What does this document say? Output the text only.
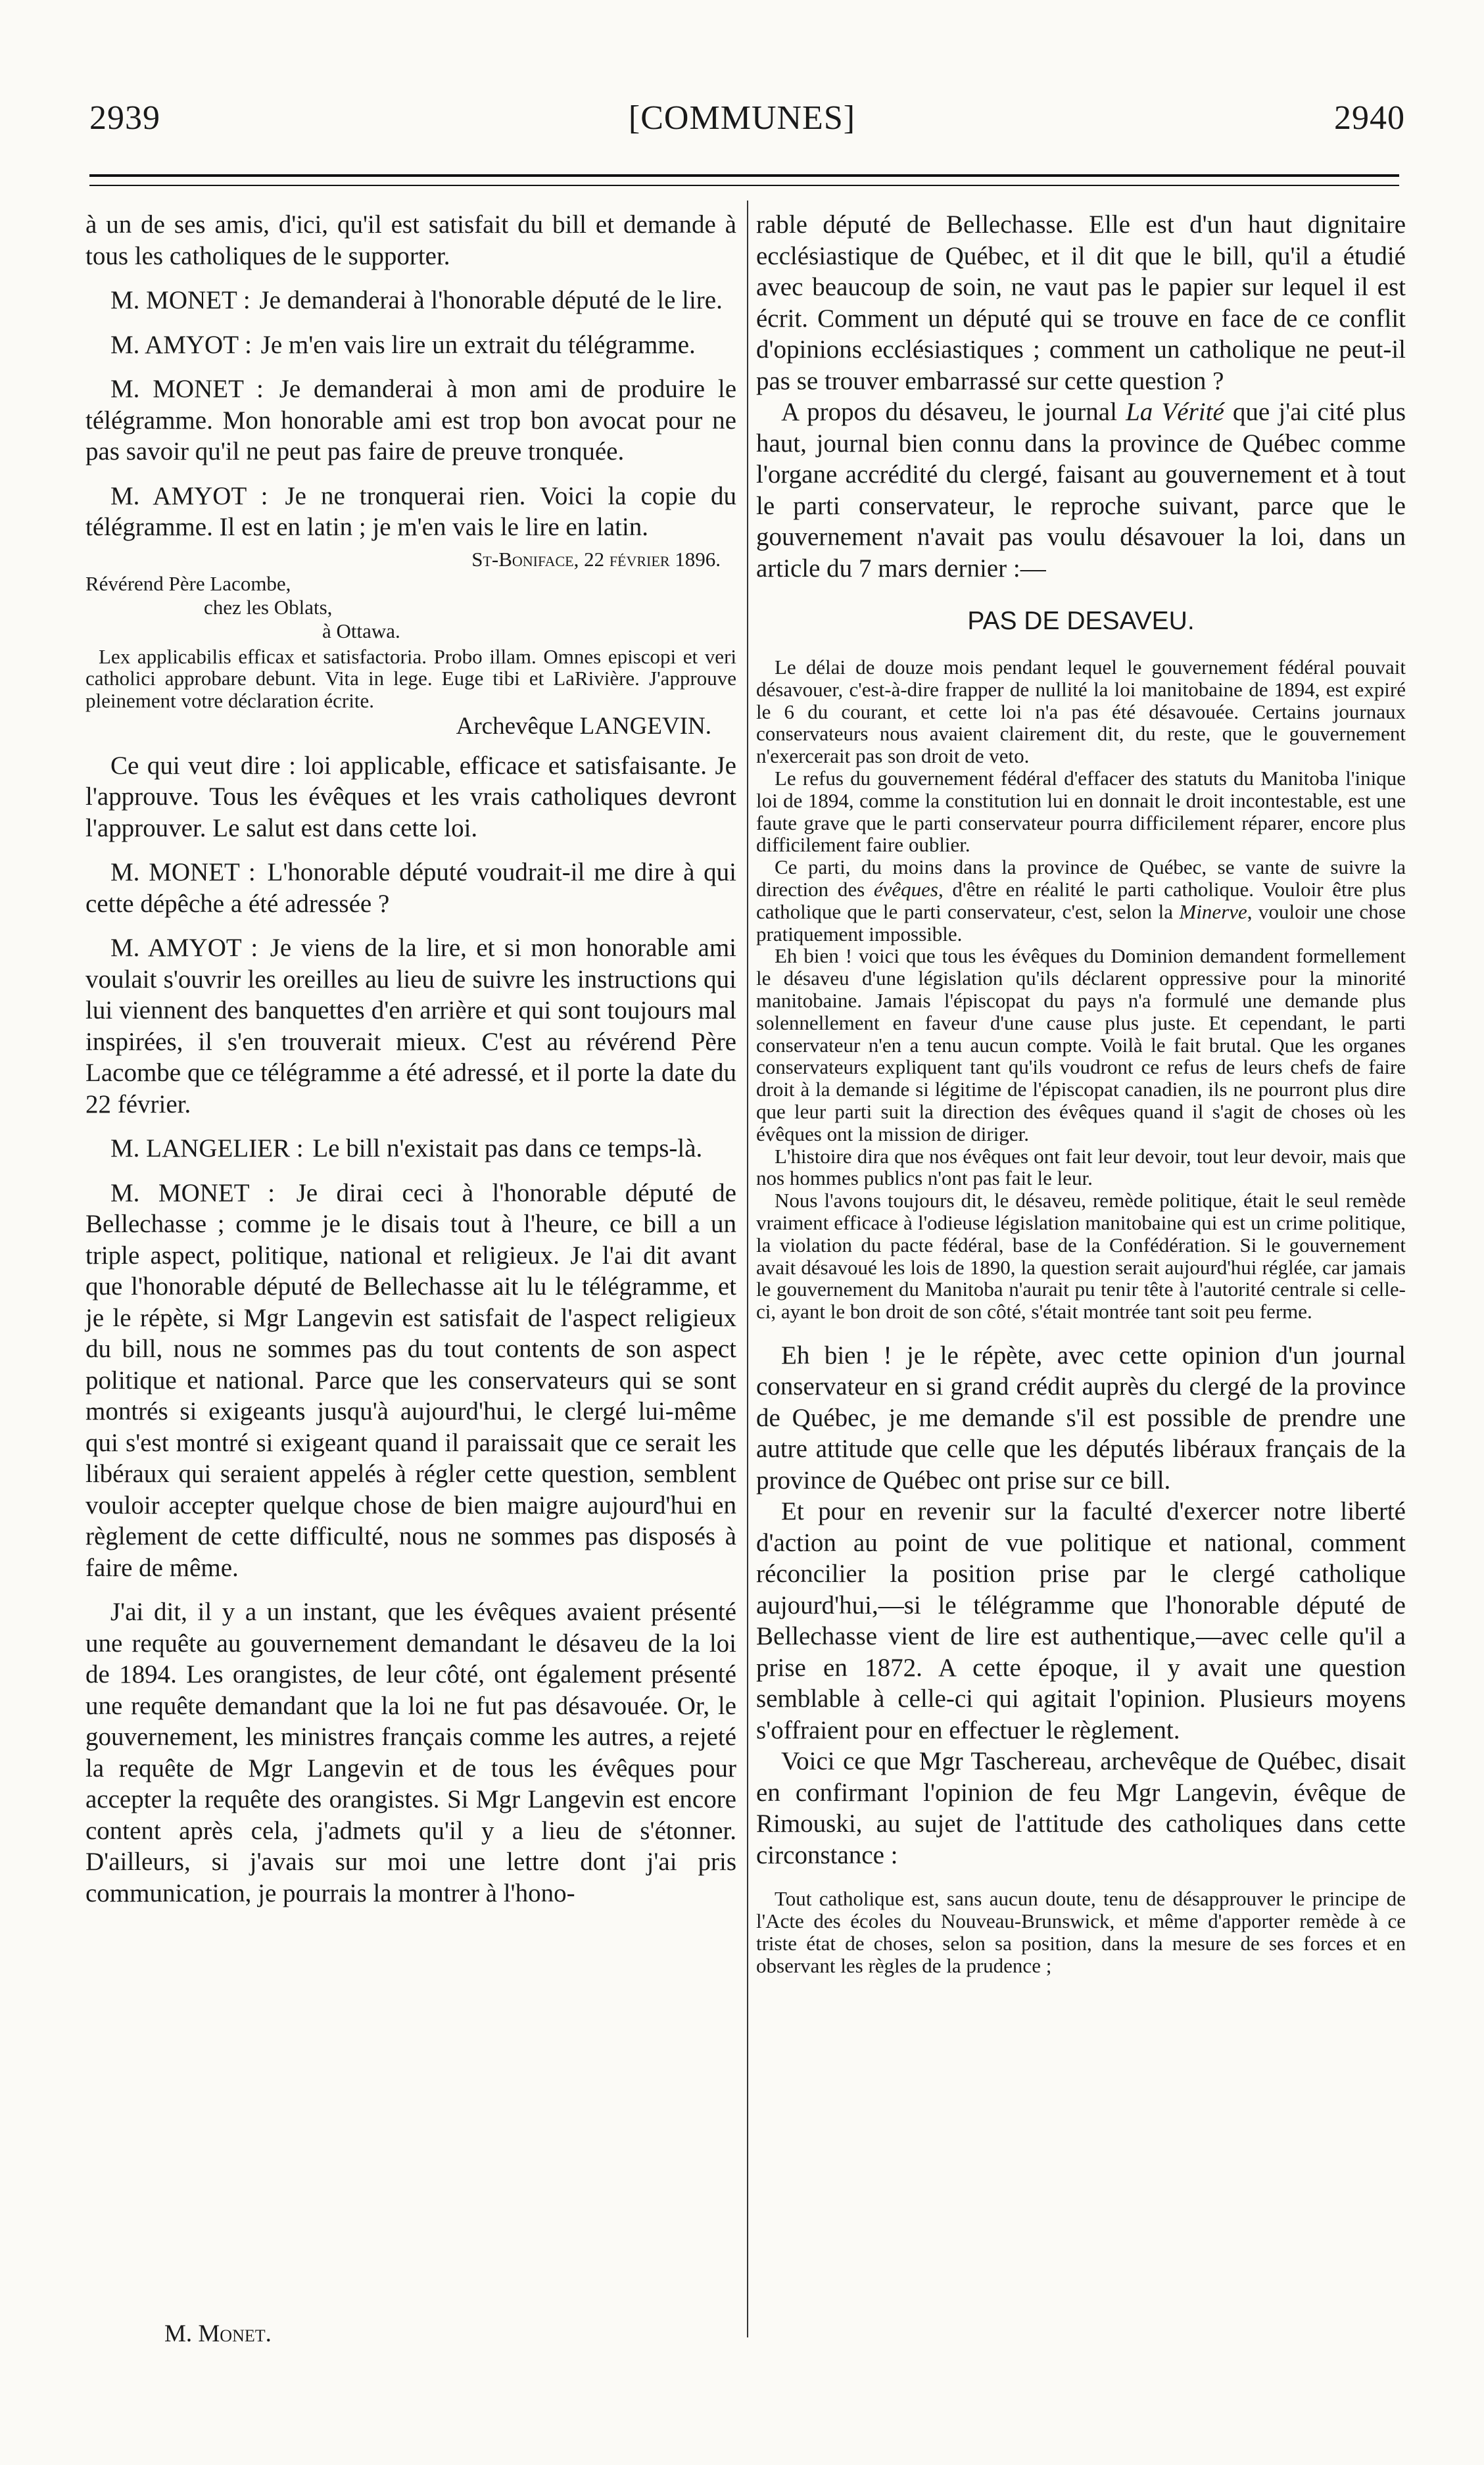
2939	[COMMUNES]	2940

à un de ses amis, d'ici, qu'il est satisfait du bill et demande à tous les catholiques de le supporter.

M. MONET : Je demanderai à l'honorable député de le lire.

M. AMYOT : Je m'en vais lire un extrait du télégramme.

M. MONET : Je demanderai à mon ami de produire le télégramme. Mon honorable ami est trop bon avocat pour ne pas savoir qu'il ne peut pas faire de preuve tronquée.

M. AMYOT : Je ne tronquerai rien. Voici la copie du télégramme. Il est en latin ; je m'en vais le lire en latin.

St-Boniface, 22 février 1896.
Révérend Père Lacombe,
chez les Oblats,
à Ottawa.

Lex applicabilis efficax et satisfactoria. Probo illam. Omnes episcopi et veri catholici approbare debunt. Vita in lege. Euge tibi et LaRivière. J'approuve pleinement votre déclaration écrite.

Archevêque LANGEVIN.

Ce qui veut dire : loi applicable, efficace et satisfaisante. Je l'approuve. Tous les évêques et les vrais catholiques devront l'approuver. Le salut est dans cette loi.

M. MONET : L'honorable député voudrait-il me dire à qui cette dépêche a été adressée ?

M. AMYOT : Je viens de la lire, et si mon honorable ami voulait s'ouvrir les oreilles au lieu de suivre les instructions qui lui viennent des banquettes d'en arrière et qui sont toujours mal inspirées, il s'en trouverait mieux. C'est au révérend Père Lacombe que ce télégramme a été adressé, et il porte la date du 22 février.

M. LANGELIER : Le bill n'existait pas dans ce temps-là.

M. MONET : Je dirai ceci à l'honorable député de Bellechasse ; comme je le disais tout à l'heure, ce bill a un triple aspect, politique, national et religieux. Je l'ai dit avant que l'honorable député de Bellechasse ait lu le télégramme, et je le répète, si Mgr Langevin est satisfait de l'aspect religieux du bill, nous ne sommes pas du tout contents de son aspect politique et national. Parce que les conservateurs qui se sont montrés si exigeants jusqu'à aujourd'hui, le clergé lui-même qui s'est montré si exigeant quand il paraissait que ce serait les libéraux qui seraient appelés à régler cette question, semblent vouloir accepter quelque chose de bien maigre aujourd'hui en règlement de cette difficulté, nous ne sommes pas disposés à faire de même.

J'ai dit, il y a un instant, que les évêques avaient présenté une requête au gouvernement demandant le désaveu de la loi de 1894. Les orangistes, de leur côté, ont également présenté une requête demandant que la loi ne fut pas désavouée. Or, le gouvernement, les ministres français comme les autres, a rejeté la requête de Mgr Langevin et de tous les évêques pour accepter la requête des orangistes. Si Mgr Langevin est encore content après cela, j'admets qu'il y a lieu de s'étonner. D'ailleurs, si j'avais sur moi une lettre dont j'ai pris communication, je pourrais la montrer à l'hono-

M. Monet.

rable député de Bellechasse. Elle est d'un haut dignitaire ecclésiastique de Québec, et il dit que le bill, qu'il a étudié avec beaucoup de soin, ne vaut pas le papier sur lequel il est écrit. Comment un député qui se trouve en face de ce conflit d'opinions ecclésiastiques ; comment un catholique ne peut-il pas se trouver embarrassé sur cette question ?

A propos du désaveu, le journal La Vérité que j'ai cité plus haut, journal bien connu dans la province de Québec comme l'organe accrédité du clergé, faisant au gouvernement et à tout le parti conservateur, le reproche suivant, parce que le gouvernement n'avait pas voulu désavouer la loi, dans un article du 7 mars dernier :—

PAS DE DESAVEU.

Le délai de douze mois pendant lequel le gouvernement fédéral pouvait désavouer, c'est-à-dire frapper de nullité la loi manitobaine de 1894, est expiré le 6 du courant, et cette loi n'a pas été désavouée. Certains journaux conservateurs nous avaient clairement dit, du reste, que le gouvernement n'exercerait pas son droit de veto.

Le refus du gouvernement fédéral d'effacer des statuts du Manitoba l'inique loi de 1894, comme la constitution lui en donnait le droit incontestable, est une faute grave que le parti conservateur pourra difficilement réparer, encore plus difficilement faire oublier.

Ce parti, du moins dans la province de Québec, se vante de suivre la direction des évêques, d'être en réalité le parti catholique. Vouloir être plus catholique que le parti conservateur, c'est, selon la Minerve, vouloir une chose pratiquement impossible.

Eh bien ! voici que tous les évêques du Dominion demandent formellement le désaveu d'une législation qu'ils déclarent oppressive pour la minorité manitobaine. Jamais l'épiscopat du pays n'a formulé une demande plus solennellement en faveur d'une cause plus juste. Et cependant, le parti conservateur n'en a tenu aucun compte. Voilà le fait brutal. Que les organes conservateurs expliquent tant qu'ils voudront ce refus de leurs chefs de faire droit à la demande si légitime de l'épiscopat canadien, ils ne pourront plus dire que leur parti suit la direction des évêques quand il s'agit de choses où les évêques ont la mission de diriger.

L'histoire dira que nos évêques ont fait leur devoir, tout leur devoir, mais que nos hommes publics n'ont pas fait le leur.

Nous l'avons toujours dit, le désaveu, remède politique, était le seul remède vraiment efficace à l'odieuse législation manitobaine qui est un crime politique, la violation du pacte fédéral, base de la Confédération. Si le gouvernement avait désavoué les lois de 1890, la question serait aujourd'hui réglée, car jamais le gouvernement du Manitoba n'aurait pu tenir tête à l'autorité centrale si celle-ci, ayant le bon droit de son côté, s'était montrée tant soit peu ferme.

Eh bien ! je le répète, avec cette opinion d'un journal conservateur en si grand crédit auprès du clergé de la province de Québec, je me demande s'il est possible de prendre une autre attitude que celle que les députés libéraux français de la province de Québec ont prise sur ce bill.

Et pour en revenir sur la faculté d'exercer notre liberté d'action au point de vue politique et national, comment réconcilier la position prise par le clergé catholique aujourd'hui,—si le télégramme que l'honorable député de Bellechasse vient de lire est authentique,—avec celle qu'il a prise en 1872. A cette époque, il y avait une question semblable à celle-ci qui agitait l'opinion. Plusieurs moyens s'offraient pour en effectuer le règlement.

Voici ce que Mgr Taschereau, archevêque de Québec, disait en confirmant l'opinion de feu Mgr Langevin, évêque de Rimouski, au sujet de l'attitude des catholiques dans cette circonstance :

Tout catholique est, sans aucun doute, tenu de désapprouver le principe de l'Acte des écoles du Nouveau-Brunswick, et même d'apporter remède à ce triste état de choses, selon sa position, dans la mesure de ses forces et en observant les règles de la prudence ;
